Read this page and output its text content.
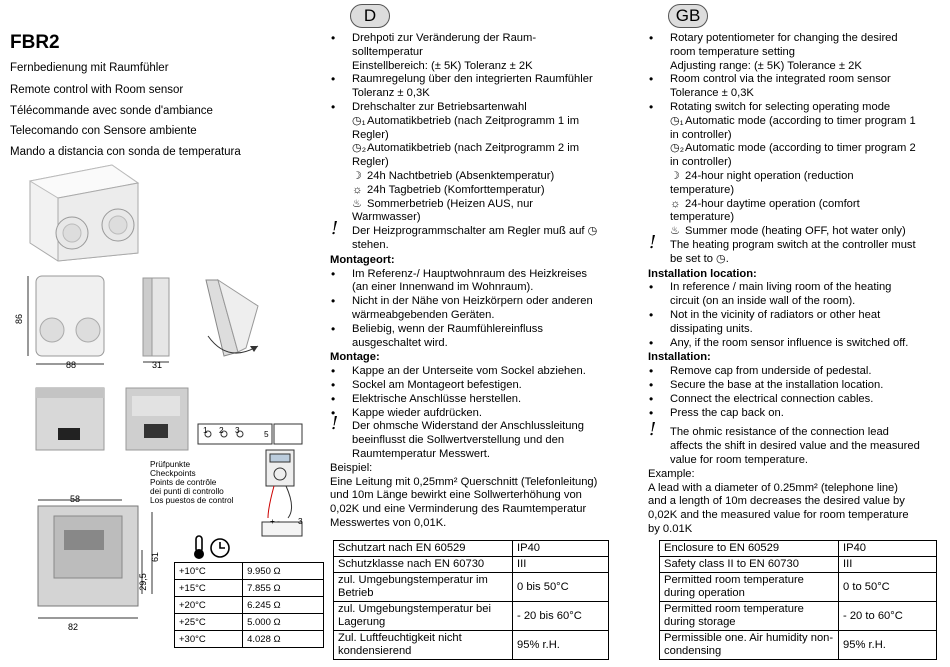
FBR2
Fernbedienung mit Raumfühler
Remote control with Room sensor
Télécommande avec sonde d'ambiance
Telecomando con Sensore ambiente
Mando a distancia con sonda de temperatura
86
88	31
Prüfpunkte
Checkpoints
Points de contrôle
dei punti di controllo
Los puestos de control
1 2 3	5
+ - 3
58
61
29,5
82
+10°C	9.950 Ω
+15°C	7.855 Ω
+20°C	6.245 Ω
+25°C	5.000 Ω
+30°C	4.028 Ω
D
• Drehpoti zur Veränderung der Raum-
solltemperatur
Einstellbereich: (± 5K) Toleranz ± 2K
• Raumregelung über den integrierten Raumfühler
Toleranz ± 0,3K
• Drehschalter zur Betriebsartenwahl
◷₁Automatikbetrieb (nach Zeitprogramm 1 im
Regler)
◷₂Automatikbetrieb (nach Zeitprogramm 2 im
Regler)
☽ 24h Nachtbetrieb (Absenktemperatur)
☼ 24h Tagbetrieb (Komforttemperatur)
♨ Sommerbetrieb (Heizen AUS, nur
Warmwasser)
! Der Heizprogrammschalter am Regler muß auf ◷
stehen.
Montageort:
• Im Referenz-/ Hauptwohnraum des Heizkreises
(an einer Innenwand im Wohnraum).
• Nicht in der Nähe von Heizkörpern oder anderen
wärmeabgebenden Geräten.
• Beliebig, wenn der Raumfühlereinfluss
ausgeschaltet wird.
Montage:
• Kappe an der Unterseite vom Sockel abziehen.
• Sockel am Montageort befestigen.
• Elektrische Anschlüsse herstellen.
• Kappe wieder aufdrücken.
! Der ohmsche Widerstand der Anschlussleitung
beeinflusst die Sollwertverstellung und den
Raumtemperatur Messwert.
Beispiel:
Eine Leitung mit 0,25mm² Querschnitt (Telefonleitung)
und 10m Länge bewirkt eine Sollwerterhöhung von
0,02K und eine Verminderung des Raumtemperatur
Messwertes von 0,01K.
Schutzart nach EN 60529	IP40
Schutzklasse nach EN 60730	III
zul. Umgebungstemperatur im Betrieb	0 bis 50°C
zul. Umgebungstemperatur bei Lagerung	- 20 bis 60°C
Zul. Luftfeuchtigkeit nicht kondensierend	95% r.H.
GB
• Rotary potentiometer for changing the desired
room temperature setting
Adjusting range: (± 5K) Tolerance ± 2K
• Room control via the integrated room sensor
Tolerance ± 0,3K
• Rotating switch for selecting operating mode
◷₁Automatic mode (according to timer program 1
in controller)
◷₂Automatic mode (according to timer program 2
in controller)
☽ 24-hour night operation (reduction
temperature)
☼ 24-hour daytime operation (comfort
temperature)
♨ Summer mode (heating OFF, hot water only)
! The heating program switch at the controller must
be set to ◷.
Installation location:
• In reference / main living room of the heating
circuit (on an inside wall of the room).
• Not in the vicinity of radiators or other heat
dissipating units.
• Any, if the room sensor influence is switched off.
Installation:
• Remove cap from underside of pedestal.
• Secure the base at the installation location.
• Connect the electrical connection cables.
• Press the cap back on.
! The ohmic resistance of the connection lead
affects the shift in desired value and the measured
value for room temperature.
Example:
A lead with a diameter of 0.25mm² (telephone line)
and a length of 10m decreases the desired value by
0,02K and the measured value for room temperature
by 0.01K
Enclosure to EN 60529	IP40
Safety class II to EN 60730	III
Permitted room temperature during operation	0 to 50°C
Permitted room temperature during storage	- 20 to 60°C
Permissible one. Air humidity non-condensing	95% r.H.
